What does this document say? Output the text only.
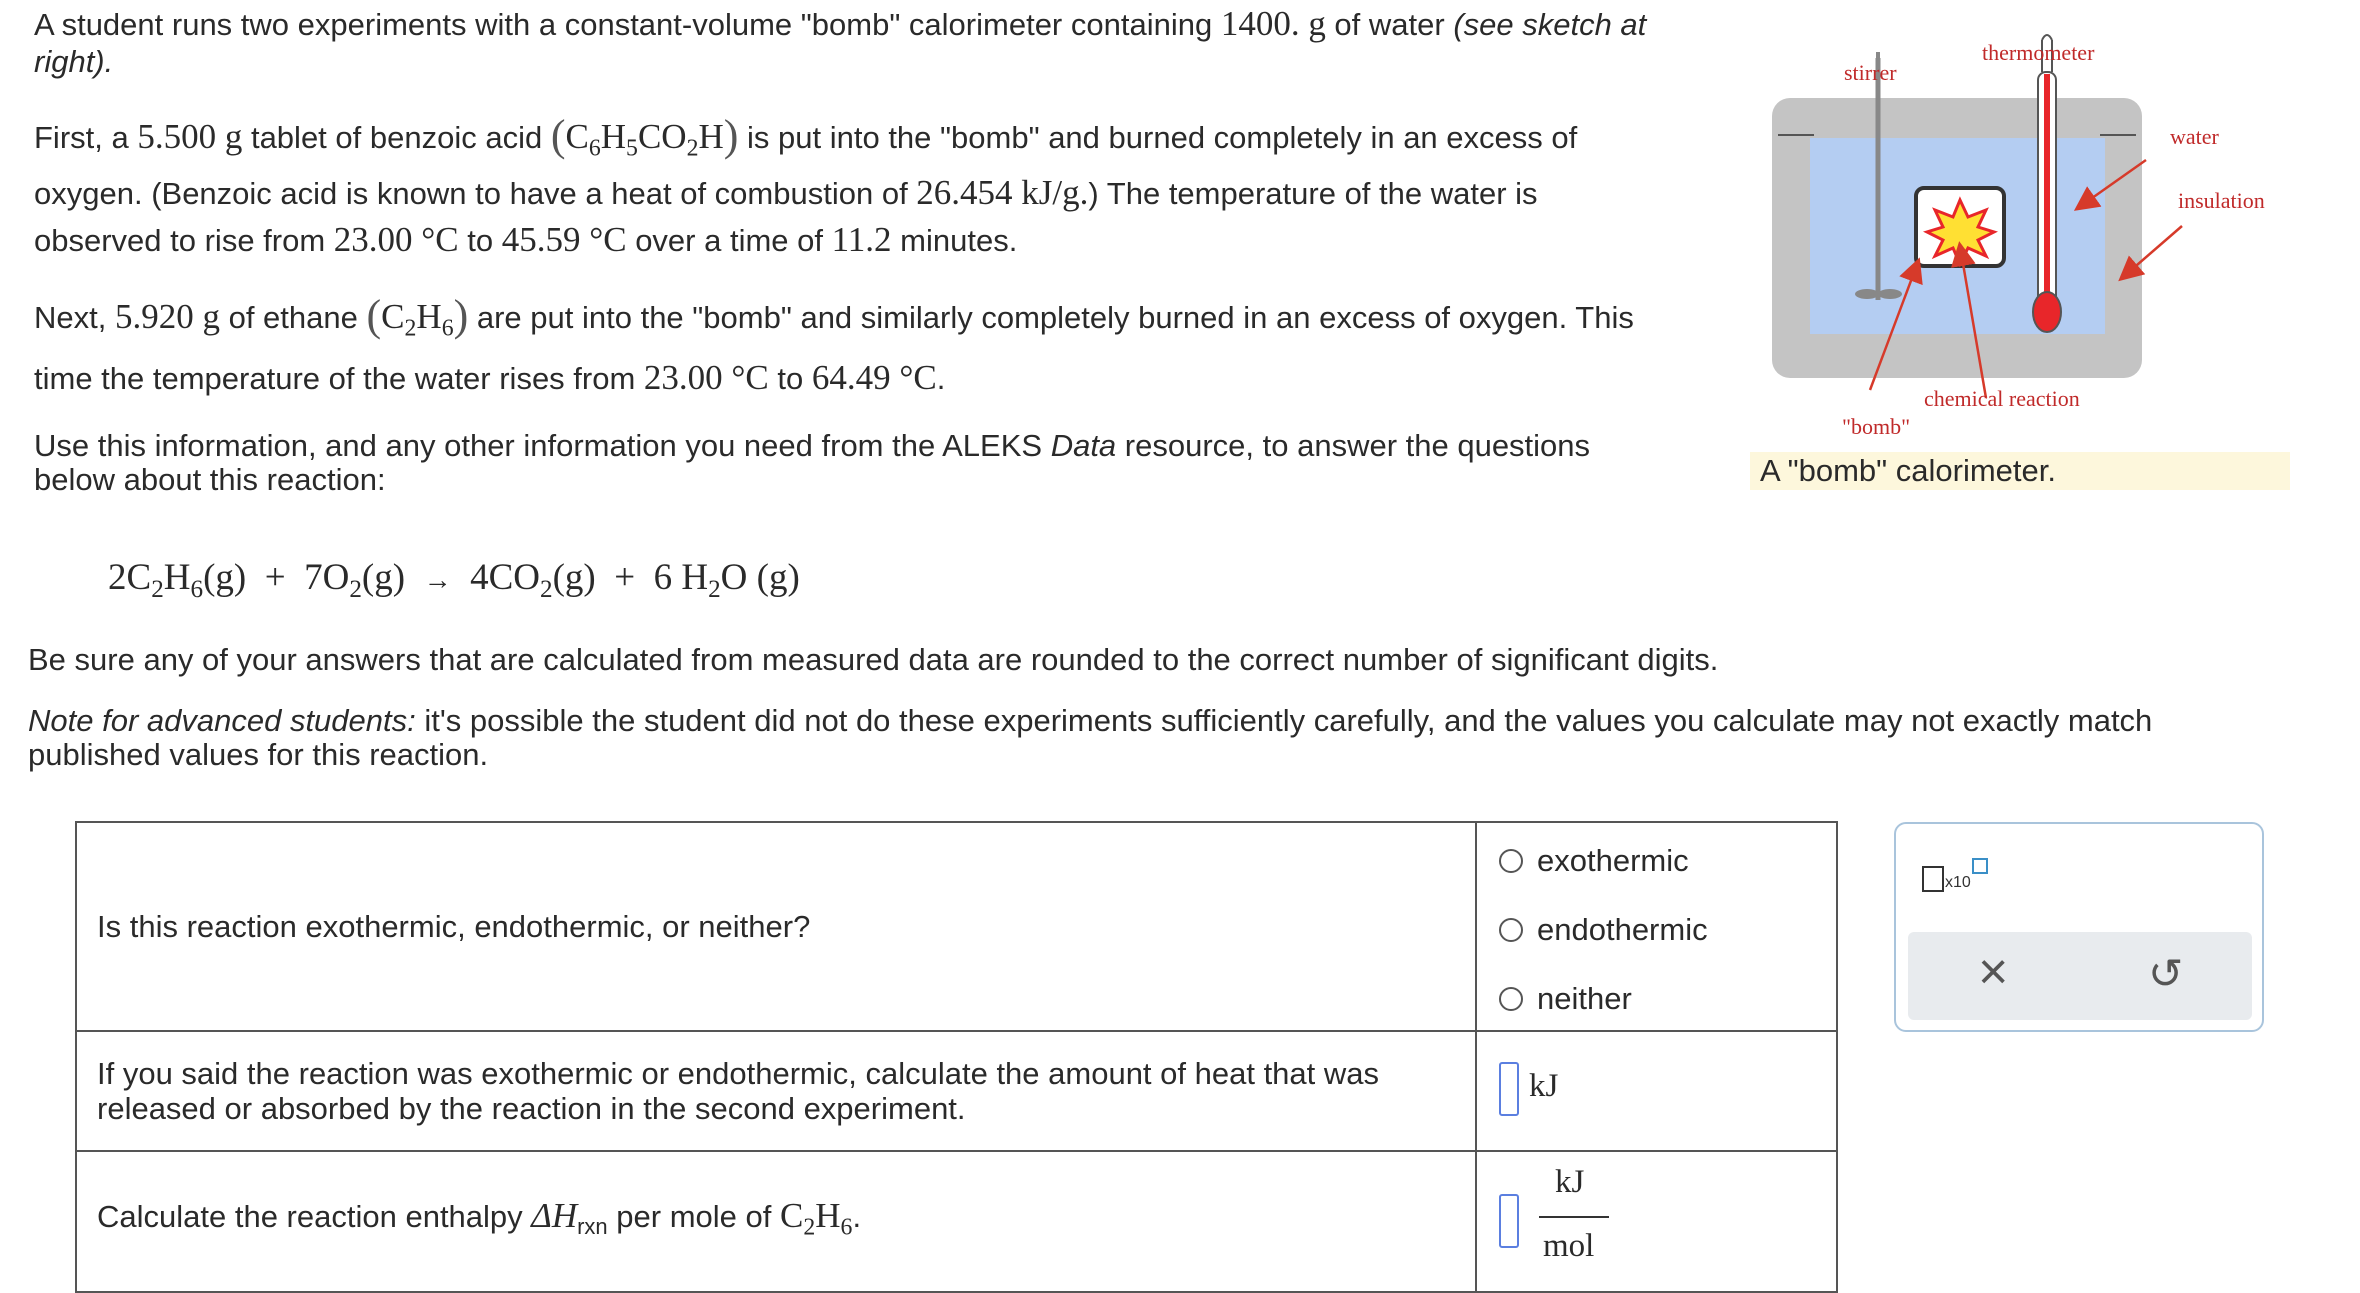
A student runs two experiments with a constant-volume "bomb" calorimeter containing 1400. g of water (see sketch at
right).
First, a 5.500 g tablet of benzoic acid $(C_6H_5CO_2H)$ is put into the "bomb" and burned completely in an excess of
oxygen. (Benzoic acid is known to have a heat of combustion of 26.454 kJ/g.) The temperature of the water is
observed to rise from 23.00 °C to 45.59 °C over a time of 11.2 minutes.
Next, 5.920 g of ethane $(C_2H_6)$ are put into the "bomb" and similarly completely burned in an excess of oxygen. This
time the temperature of the water rises from 23.00 °C to 64.49 °C.
Use this information, and any other information you need from the ALEKS Data resource, to answer the questions
below about this reaction:
$2C_2H_6(g) + 7O_2(g) \to 4CO_2(g) + 6$ $H_2O$ (g)
Be sure any of your answers that are calculated from measured data are rounded to the correct number of significant digits.
Note for advanced students: it's possible the student did not do these experiments sufficiently carefully, and the values you calculate may not exactly match
published values for this reaction.
stirrer
thermometer
water
insulation
chemical reaction
"bomb"
A "bomb" calorimeter.
Is this reaction exothermic, endothermic, or neither?	exothermic
endothermic
neither

If you said the reaction was exothermic or endothermic, calculate the amount of heat that was
released or absorbed by the reaction in the second experiment.	kJ

Calculate the reaction enthalpy $\Delta H_{rxn}$ per mole of $C_2H_6$.	kJ
mol
x10
×	↺
